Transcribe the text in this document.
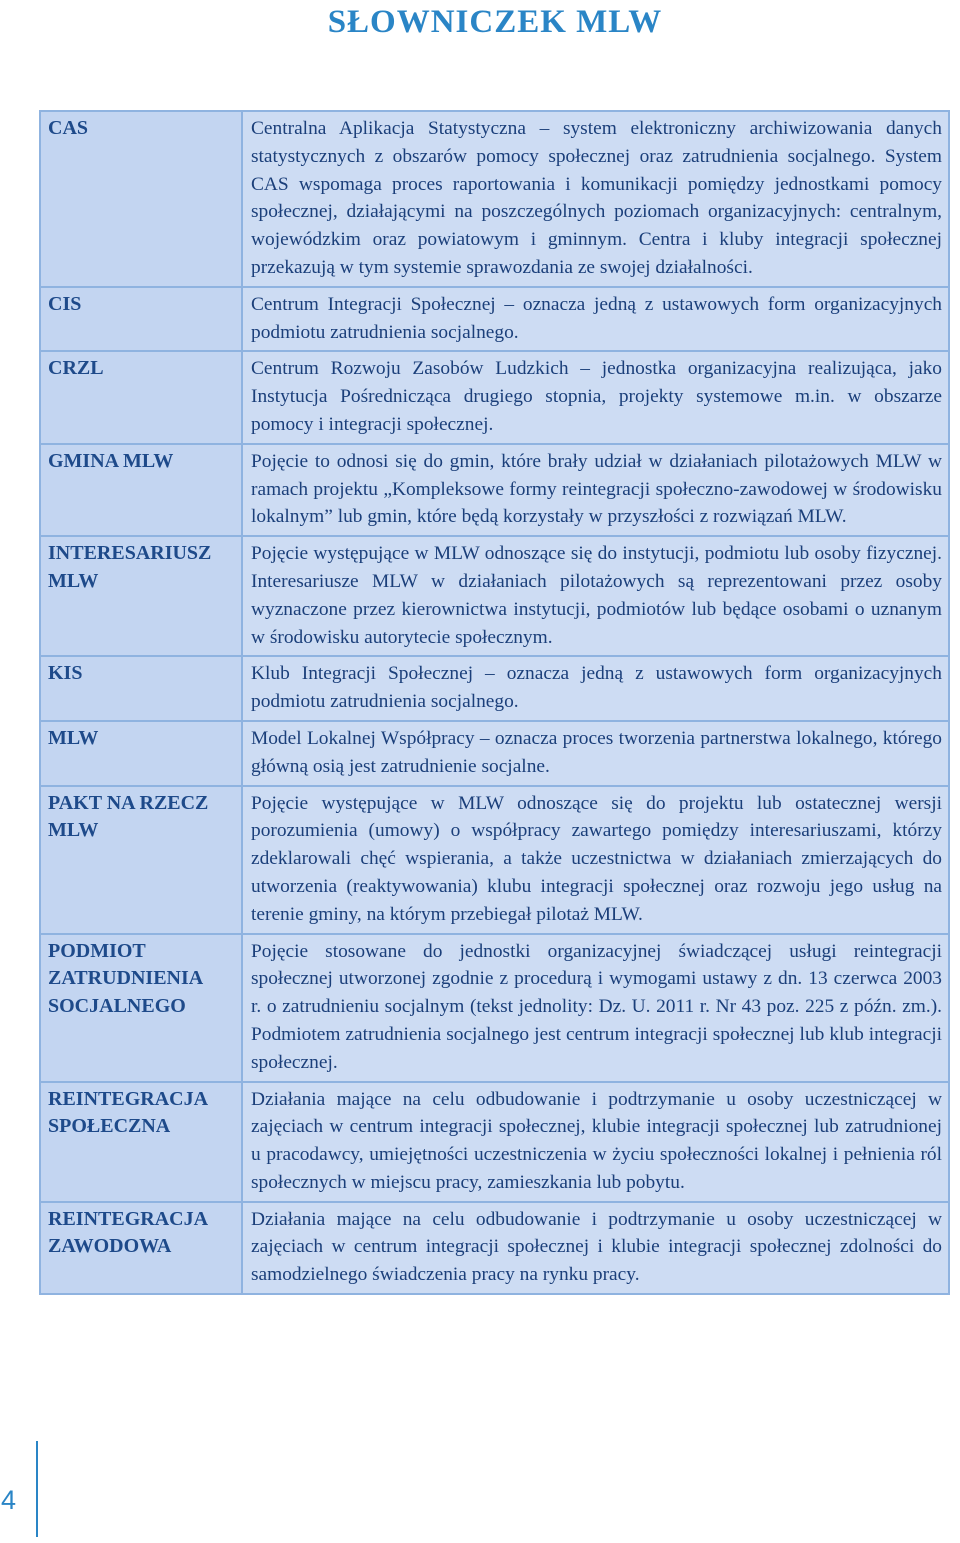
SŁOWNICZEK MLW
CAS	Centralna Aplikacja Statystyczna – system elektroniczny archiwizowania danych statystycznych z obszarów pomocy społecznej oraz zatrudnienia socjalnego. System CAS wspomaga proces raportowania i komunikacji pomiędzy jednostkami pomocy społecznej, działającymi na poszczególnych poziomach organizacyjnych: centralnym, wojewódzkim oraz powiatowym i gminnym. Centra i kluby integracji społecznej przekazują w tym systemie sprawozdania ze swojej działalności.
CIS	Centrum Integracji Społecznej – oznacza jedną z ustawowych form organizacyjnych podmiotu zatrudnienia socjalnego.
CRZL	Centrum Rozwoju Zasobów Ludzkich – jednostka organizacyjna realizująca, jako Instytucja Pośrednicząca drugiego stopnia, projekty systemowe m.in. w obszarze pomocy i integracji społecznej.
GMINA MLW	Pojęcie to odnosi się do gmin, które brały udział w działaniach pilotażowych MLW w ramach projektu „Kompleksowe formy reintegracji społeczno-zawodowej w środowisku lokalnym” lub gmin, które będą korzystały w przyszłości z rozwiązań MLW.
INTERESARIUSZ MLW	Pojęcie występujące w MLW odnoszące się do instytucji, podmiotu lub osoby fizycznej. Interesariusze MLW w działaniach pilotażowych są reprezentowani przez osoby wyznaczone przez kierownictwa instytucji, podmiotów lub będące osobami o uznanym w środowisku autorytecie społecznym.
KIS	Klub Integracji Społecznej – oznacza jedną z ustawowych form organizacyjnych podmiotu zatrudnienia socjalnego.
MLW	Model Lokalnej Współpracy – oznacza proces tworzenia partnerstwa lokalnego, którego główną osią jest zatrudnienie socjalne.
PAKT NA RZECZ MLW	Pojęcie występujące w MLW odnoszące się do projektu lub ostatecznej wersji porozumienia (umowy) o współpracy zawartego pomiędzy interesariuszami, którzy zdeklarowali chęć wspierania, a także uczestnictwa w działaniach zmierzających do utworzenia (reaktywowania) klubu integracji społecznej oraz rozwoju jego usług na terenie gminy, na którym przebiegał pilotaż MLW.
PODMIOT ZATRUDNIENIA SOCJALNEGO	Pojęcie stosowane do jednostki organizacyjnej świadczącej usługi reintegracji społecznej utworzonej zgodnie z procedurą i wymogami ustawy z dn. 13 czerwca 2003 r. o zatrudnieniu socjalnym (tekst jednolity: Dz. U. 2011 r. Nr 43 poz. 225 z późn. zm.). Podmiotem zatrudnienia socjalnego jest centrum integracji społecznej lub klub integracji społecznej.
REINTEGRACJA SPOŁECZNA	Działania mające na celu odbudowanie i podtrzymanie u osoby uczestniczącej w zajęciach w centrum integracji społecznej, klubie integracji społecznej lub zatrudnionej u pracodawcy, umiejętności uczestniczenia w życiu społeczności lokalnej i pełnienia ról społecznych w miejscu pracy, zamieszkania lub pobytu.
REINTEGRACJA ZAWODOWA	Działania mające na celu odbudowanie i podtrzymanie u osoby uczestniczącej w zajęciach w centrum integracji społecznej i klubie integracji społecznej zdolności do samodzielnego świadczenia pracy na rynku pracy.
4
